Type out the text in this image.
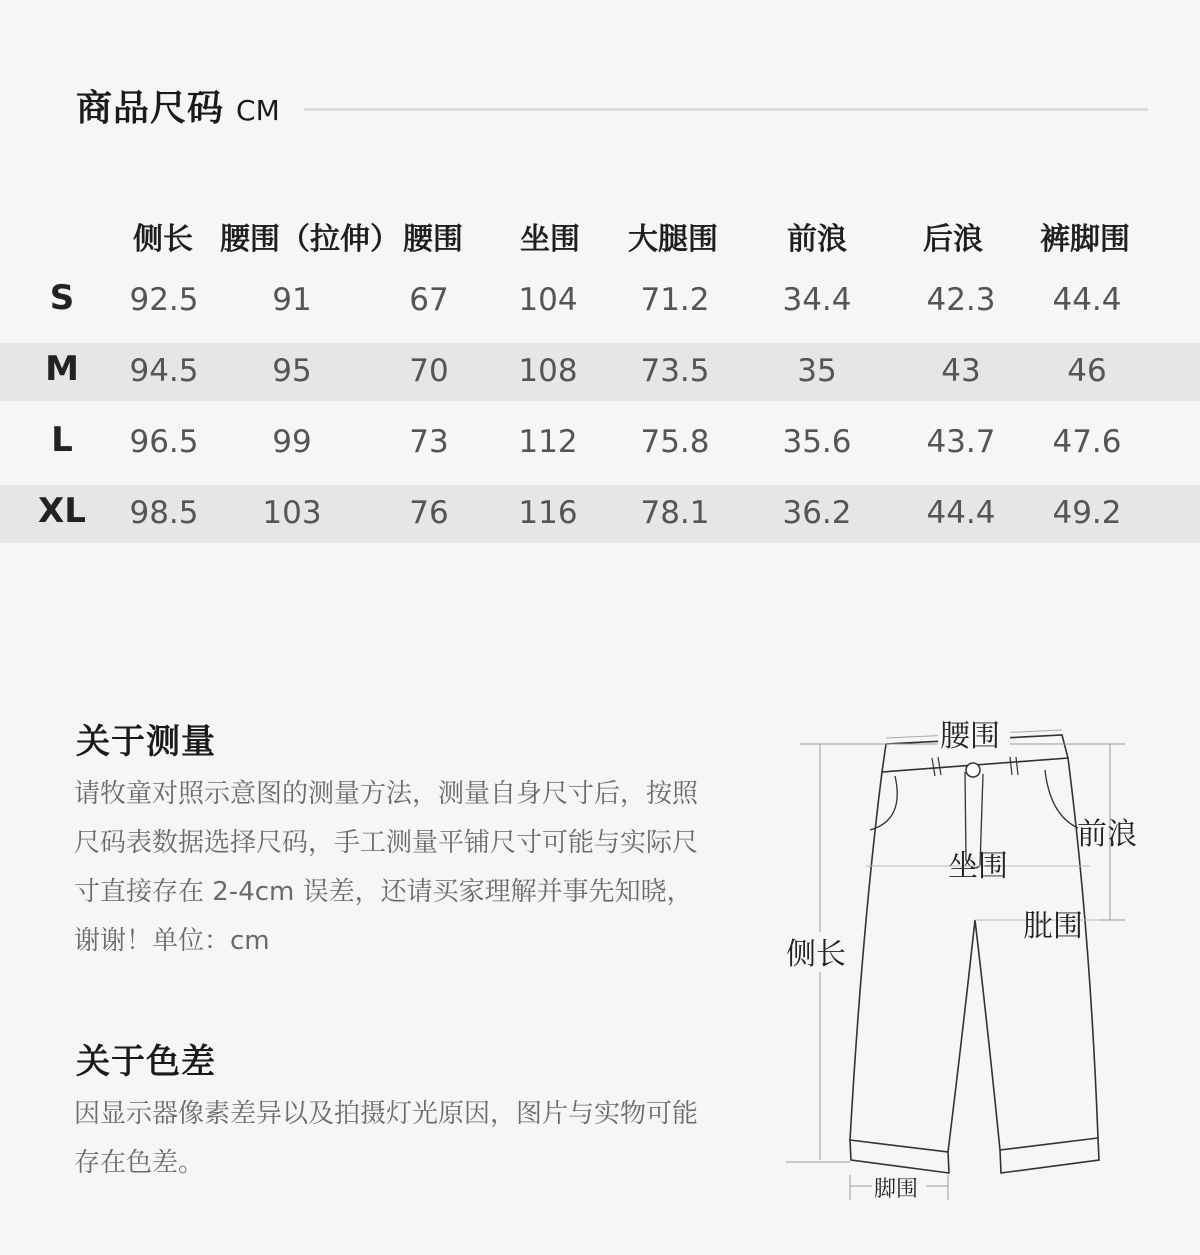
商品尺码 CM
侧长 腰围（拉伸） 腰围 坐围 大腿围 前浪	后浪 裤脚围
S 92.5 91	67 104 71.2 34.4 42.3 44.4
M 94.5 95	70 108 73.5	35	43	46
L 96.5 99	73 112 75.8 35.6 43.7 47.6
XL 98.5 103	76 116 78.1 36.2 44.4 49.2
关于测量
请牧童对照示意图的测量方法，测量自身尺寸后，按照
尺码表数据选择尺码，手工测量平铺尺寸可能与实际尺
寸直接存在 2-4cm 误差，还请买家理解并事先知晓，
谢谢！单位：cm
关于色差
因显示器像素差异以及拍摄灯光原因，图片与实物可能
存在色差。
腰围
前浪
坐围
肶围
侧长
脚围
